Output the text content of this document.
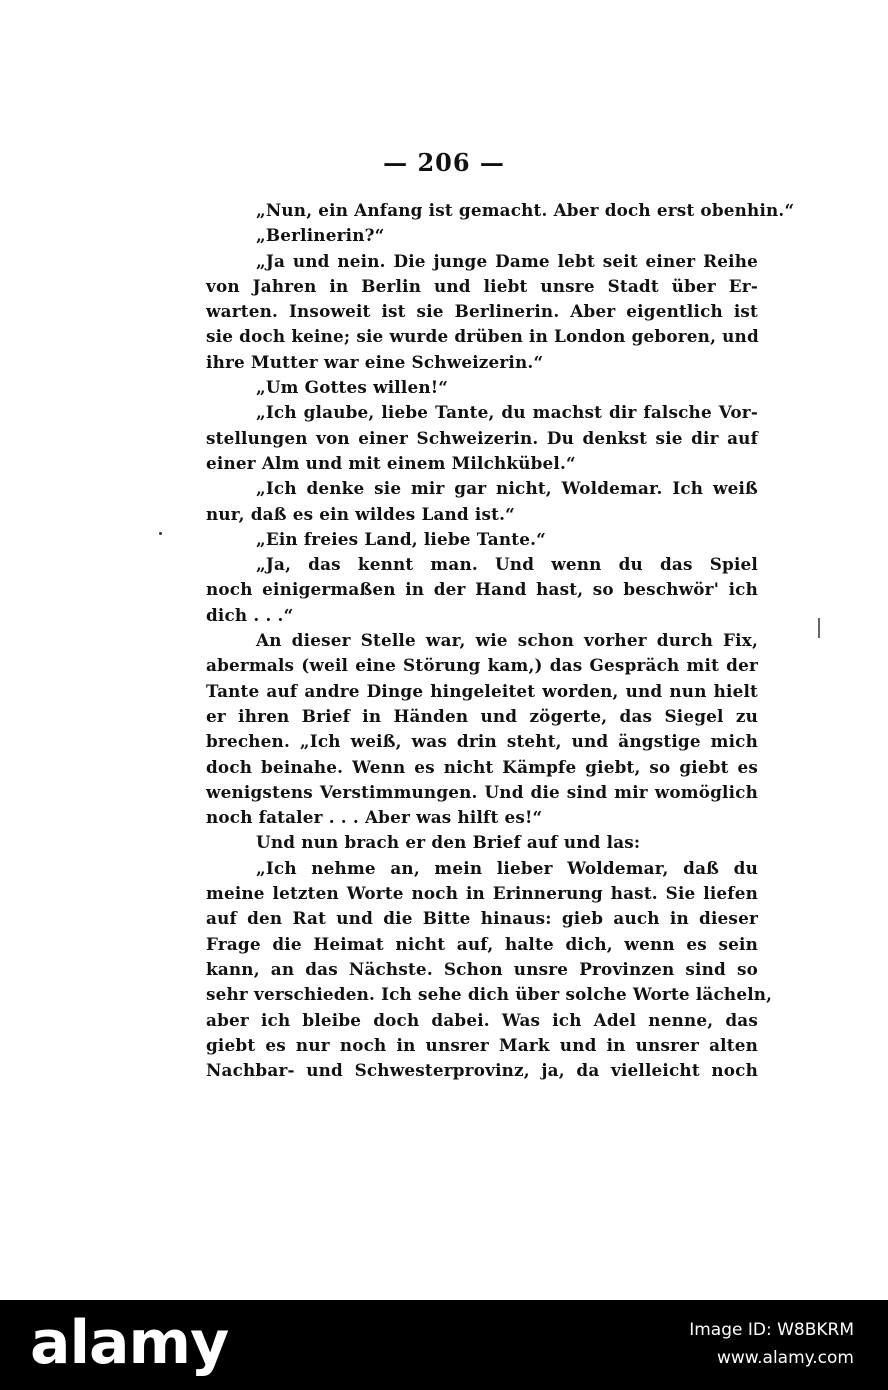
— 206 —
„Nun, ein Anfang ist gemacht. Aber doch erst obenhin.“
„Berlinerin?“
„Ja und nein. Die junge Dame lebt seit einer Reihe
von Jahren in Berlin und liebt unsre Stadt über Er-
warten. Insoweit ist sie Berlinerin. Aber eigentlich ist
sie doch keine; sie wurde drüben in London geboren, und
ihre Mutter war eine Schweizerin.“
„Um Gottes willen!“
„Ich glaube, liebe Tante, du machst dir falsche Vor-
stellungen von einer Schweizerin. Du denkst sie dir auf
einer Alm und mit einem Milchkübel.“
„Ich denke sie mir gar nicht, Woldemar. Ich weiß
nur, daß es ein wildes Land ist.“
„Ein freies Land, liebe Tante.“
„Ja, das kennt man. Und wenn du das Spiel
noch einigermaßen in der Hand hast, so beschwör' ich
dich . . .“
An dieser Stelle war, wie schon vorher durch Fix,
abermals (weil eine Störung kam,) das Gespräch mit der
Tante auf andre Dinge hingeleitet worden, und nun hielt
er ihren Brief in Händen und zögerte, das Siegel zu
brechen. „Ich weiß, was drin steht, und ängstige mich
doch beinahe. Wenn es nicht Kämpfe giebt, so giebt es
wenigstens Verstimmungen. Und die sind mir womöglich
noch fataler . . . Aber was hilft es!“
Und nun brach er den Brief auf und las:
„Ich nehme an, mein lieber Woldemar, daß du
meine letzten Worte noch in Erinnerung hast. Sie liefen
auf den Rat und die Bitte hinaus: gieb auch in dieser
Frage die Heimat nicht auf, halte dich, wenn es sein
kann, an das Nächste. Schon unsre Provinzen sind so
sehr verschieden. Ich sehe dich über solche Worte lächeln,
aber ich bleibe doch dabei. Was ich Adel nenne, das
giebt es nur noch in unsrer Mark und in unsrer alten
Nachbar- und Schwesterprovinz, ja, da vielleicht noch
alamy	Image ID: W8BKRM
www.alamy.com
